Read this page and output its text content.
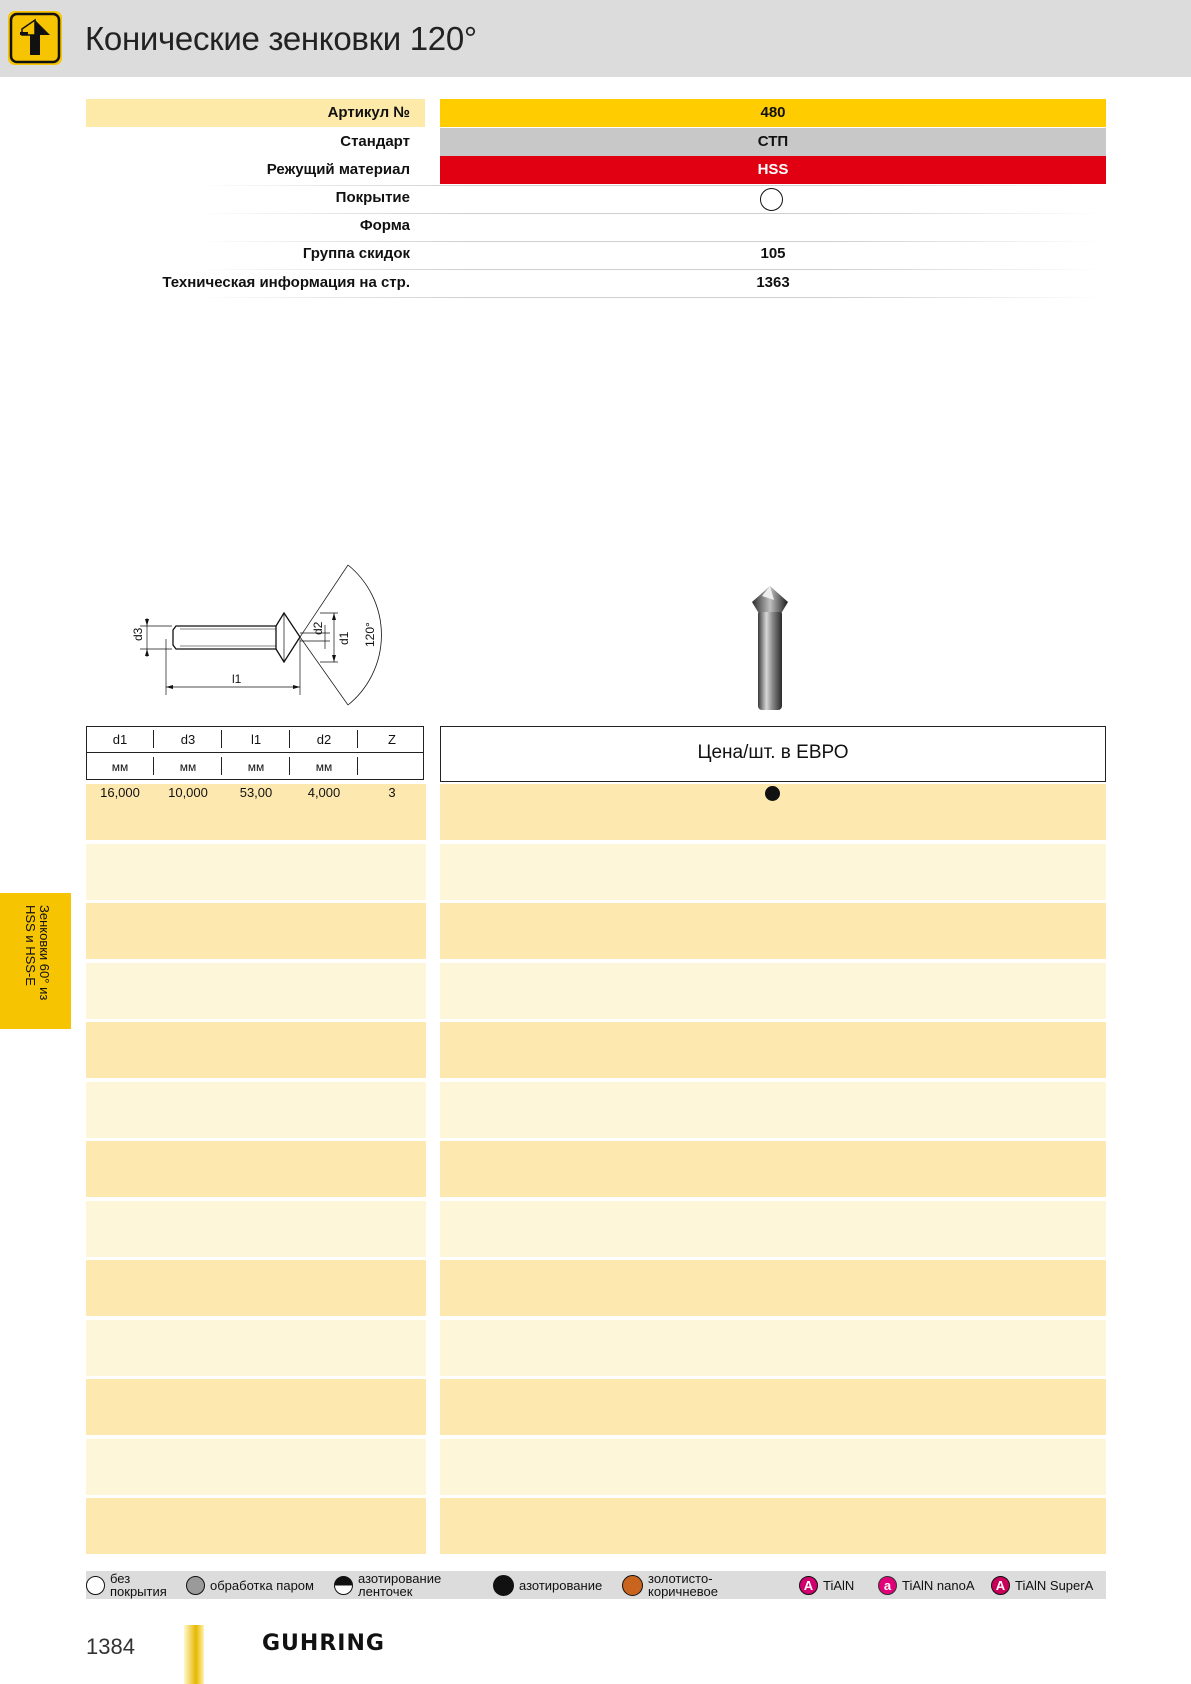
Конические зенковки 120°
Артикул №	480
Стандарт	СТП
Режущий материал	HSS
Покрытие
Форма
Группа скидок	105
Техническая информация на стр.	1363
d3
l1
d2
d1 120°
d1	d3	l1	d2	Z
мм	мм	мм	мм
Цена/шт. в ЕВРО
16,000	10,000	53,00	4,000	3
Зенковки 60° из
HSS и HSS-E
без
покрытия	обработка паром	азотирование
ленточек	азотирование	золотисто-
коричневое	A TiAlN	a TiAlN nanoA	A TiAlN SuperA
1384	GUHRING
